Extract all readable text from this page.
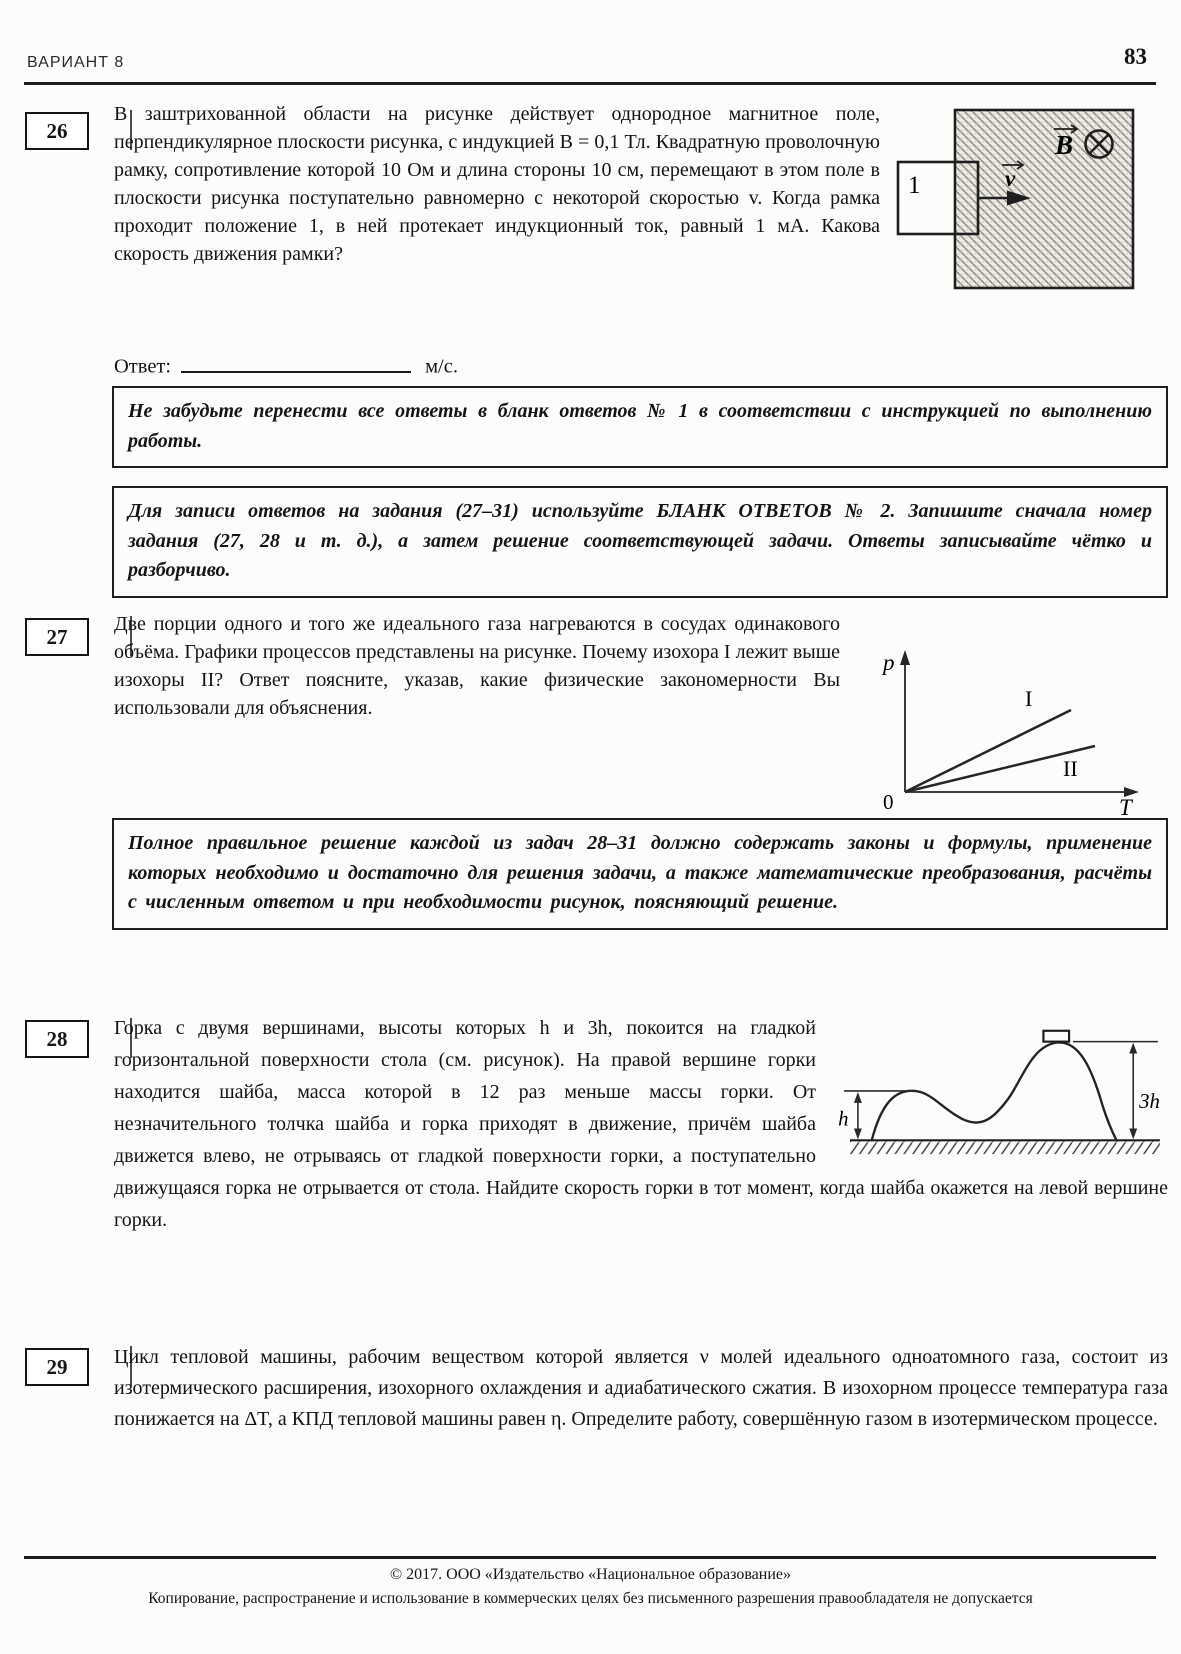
ВАРИАНТ 8	83
26
В заштрихованной области на рисунке действует однородное магнитное поле, перпендикулярное плоскости рисунка, с индукцией B = 0,1 Тл. Квадратную проволочную рамку, сопротивление которой 10 Ом и длина стороны 10 см, перемещают в этом поле в плоскости рисунка поступательно равномерно с некоторой скоростью v. Когда рамка проходит положение 1, в ней протекает индукционный ток, равный 1 мА. Какова скорость движения рамки?
Ответ:	м/с.
B
1	v
Не забудьте перенести все ответы в бланк ответов № 1 в соответствии с инструкцией по выполнению работы.
Для записи ответов на задания (27–31) используйте БЛАНК ОТВЕТОВ № 2. Запишите сначала номер задания (27, 28 и т. д.), а затем решение соответствующей задачи. Ответы записывайте чётко и разборчиво.
27
Две порции одного и того же идеального газа нагреваются в сосудах одинакового объёма. Графики процессов представлены на рисунке. Почему изохора I лежит выше изохоры II? Ответ поясните, указав, какие физические закономерности Вы использовали для объяснения.
p
T
0
I
II
Полное правильное решение каждой из задач 28–31 должно содержать законы и формулы, применение которых необходимо и достаточно для решения задачи, а также математические преобразования, расчёты с численным ответом и при необходимости рисунок, поясняющий решение.
28
h
3h
Горка с двумя вершинами, высоты которых h и 3h, покоится на гладкой горизонтальной поверхности стола (см. рисунок). На правой вершине горки находится шайба, масса которой в 12 раз меньше массы горки. От незначительного толчка шайба и горка приходят в движение, причём шайба движется влево, не отрываясь от гладкой поверхности горки, а поступательно движущаяся горка не отрывается от стола. Найдите скорость горки в тот момент, когда шайба окажется на левой вершине горки.
29 Цикл тепловой машины, рабочим веществом которой является ν молей идеального одноатомного газа, состоит из изотермического расширения, изохорного охлаждения и адиабатического сжатия. В изохорном процессе температура газа понижается на ΔT, а КПД тепловой машины равен η. Определите работу, совершённую газом в изотермическом процессе.
© 2017. ООО «Издательство «Национальное образование»
Копирование, распространение и использование в коммерческих целях без письменного разрешения правообладателя не допускается
